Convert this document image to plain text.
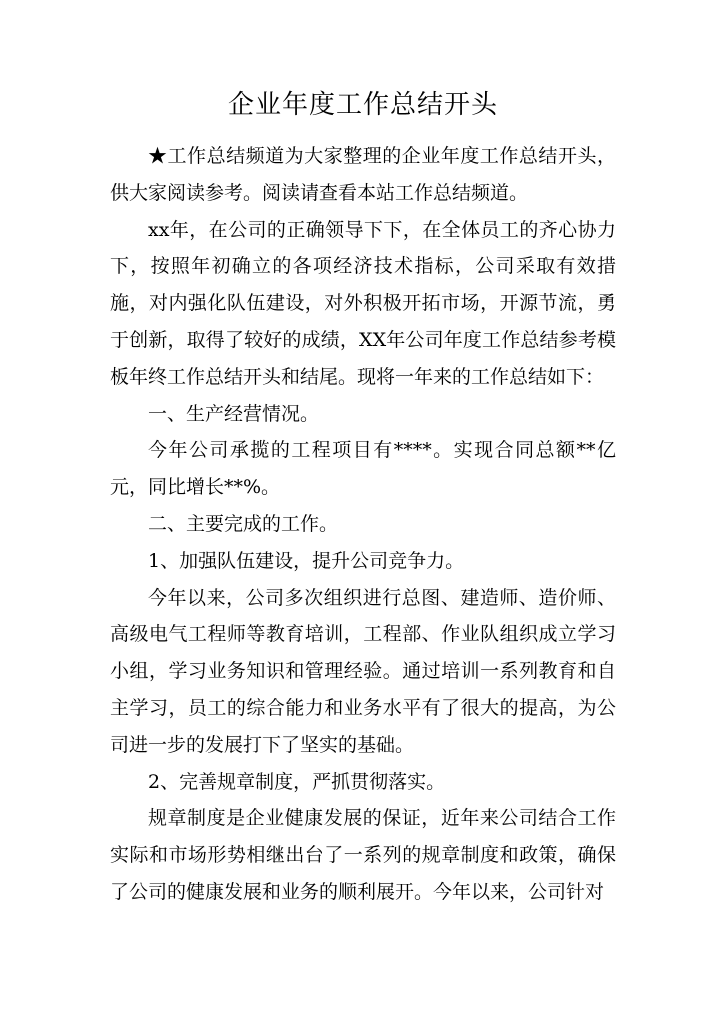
企业年度工作总结开头

★工作总结频道为大家整理的企业年度工作总结开头，供大家阅读参考。阅读请查看本站工作总结频道。

xx年，在公司的正确领导下下，在全体员工的齐心协力下，按照年初确立的各项经济技术指标，公司采取有效措施，对内强化队伍建设，对外积极开拓市场，开源节流，勇于创新，取得了较好的成绩，XX年公司年度工作总结参考模板年终工作总结开头和结尾。现将一年来的工作总结如下：

一、生产经营情况。

今年公司承揽的工程项目有****。实现合同总额**亿元，同比增长**%。

二、主要完成的工作。

1、加强队伍建设，提升公司竞争力。

今年以来，公司多次组织进行总图、建造师、造价师、高级电气工程师等教育培训，工程部、作业队组织成立学习小组，学习业务知识和管理经验。通过培训一系列教育和自主学习，员工的综合能力和业务水平有了很大的提高，为公司进一步的发展打下了坚实的基础。

2、完善规章制度，严抓贯彻落实。

规章制度是企业健康发展的保证，近年来公司结合工作实际和市场形势相继出台了一系列的规章制度和政策，确保了公司的健康发展和业务的顺利展开。今年以来，公司针对
